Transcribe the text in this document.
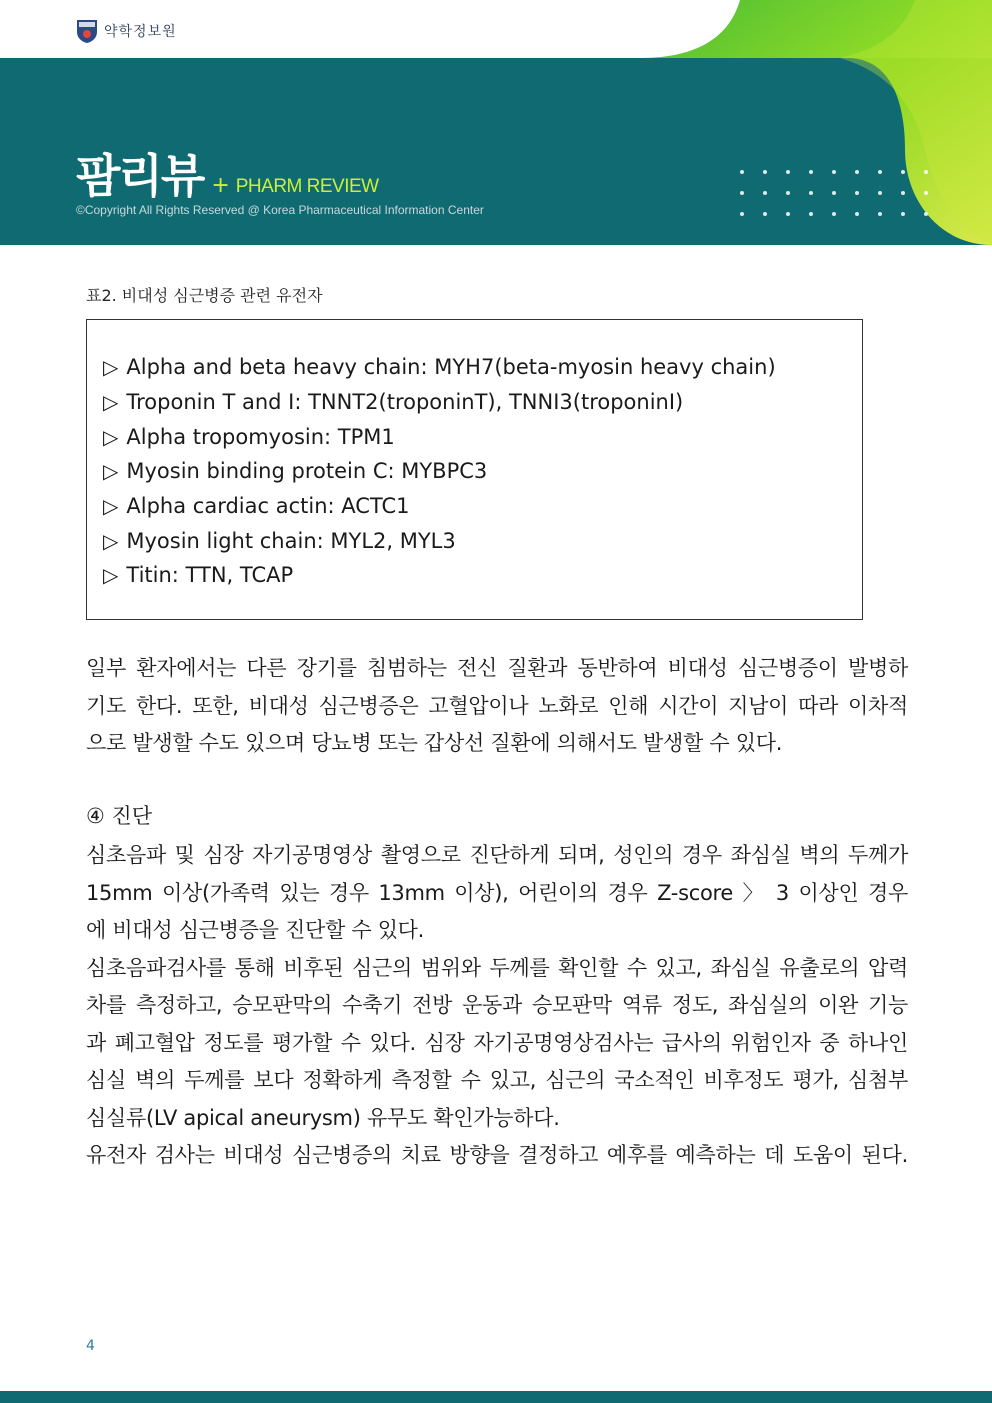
약학정보원
팜리뷰 + PHARM REVIEW
©Copyright All Rights Reserved @ Korea Pharmaceutical Information Center
표2. 비대성 심근병증 관련 유전자
▷ Alpha and beta heavy chain: MYH7(beta-myosin heavy chain)
▷ Troponin T and I: TNNT2(troponinT), TNNI3(troponinI)
▷ Alpha tropomyosin: TPM1
▷ Myosin binding protein C: MYBPC3
▷ Alpha cardiac actin: ACTC1
▷ Myosin light chain: MYL2, MYL3
▷ Titin: TTN, TCAP
일부 환자에서는 다른 장기를 침범하는 전신 질환과 동반하여 비대성 심근병증이 발병하
기도 한다. 또한, 비대성 심근병증은 고혈압이나 노화로 인해 시간이 지남이 따라 이차적
으로 발생할 수도 있으며 당뇨병 또는 갑상선 질환에 의해서도 발생할 수 있다.
④ 진단
심초음파 및 심장 자기공명영상 촬영으로 진단하게 되며, 성인의 경우 좌심실 벽의 두께가
15mm 이상(가족력 있는 경우 13mm 이상), 어린이의 경우 Z-score 〉 3 이상인 경우
에 비대성 심근병증을 진단할 수 있다.
심초음파검사를 통해 비후된 심근의 범위와 두께를 확인할 수 있고, 좌심실 유출로의 압력
차를 측정하고, 승모판막의 수축기 전방 운동과 승모판막 역류 정도, 좌심실의 이완 기능
과 폐고혈압 정도를 평가할 수 있다. 심장 자기공명영상검사는 급사의 위험인자 중 하나인
심실 벽의 두께를 보다 정확하게 측정할 수 있고, 심근의 국소적인 비후정도 평가, 심첨부
심실류(LV apical aneurysm) 유무도 확인가능하다.
유전자 검사는 비대성 심근병증의 치료 방향을 결정하고 예후를 예측하는 데 도움이 된다.
4
